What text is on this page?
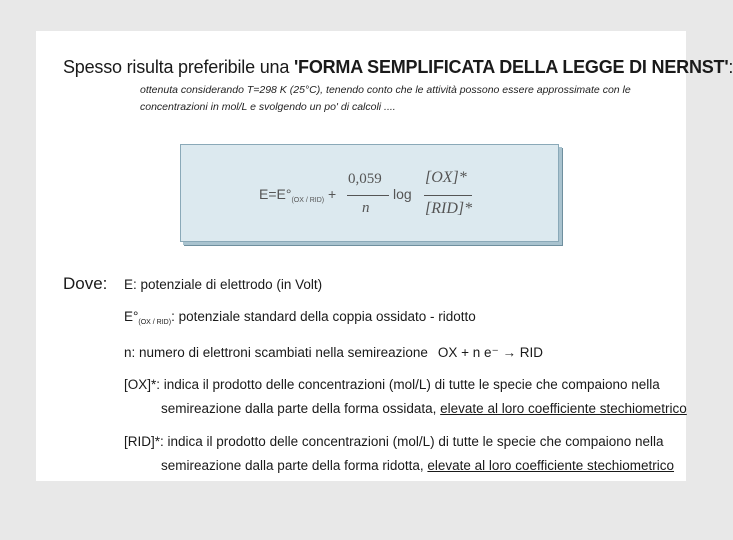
Spesso risulta preferibile una 'FORMA SEMPLIFICATA DELLA LEGGE DI NERNST':
ottenuta considerando T=298 K (25°C), tenendo conto che le attività possono essere approssimate con le
concentrazioni in mol/L e svolgendo un po' di calcoli ....
$E=E^\circ_{(OX / RID)}$ +
0,059
n
log
[OX]*
[RID]*
Dove: E: potenziale di elettrodo (in Volt)
$E^\circ_{(OX / RID)}$: potenziale standard della coppia ossidato - ridotto
n: numero di elettroni scambiati nella semireazione OX + n e⁻ → RID
[OX]*: indica il prodotto delle concentrazioni (mol/L) di tutte le specie che compaiono nella
semireazione dalla parte della forma ossidata, elevate al loro coefficiente stechiometrico
[RID]*: indica il prodotto delle concentrazioni (mol/L) di tutte le specie che compaiono nella
semireazione dalla parte della forma ridotta, elevate al loro coefficiente stechiometrico
